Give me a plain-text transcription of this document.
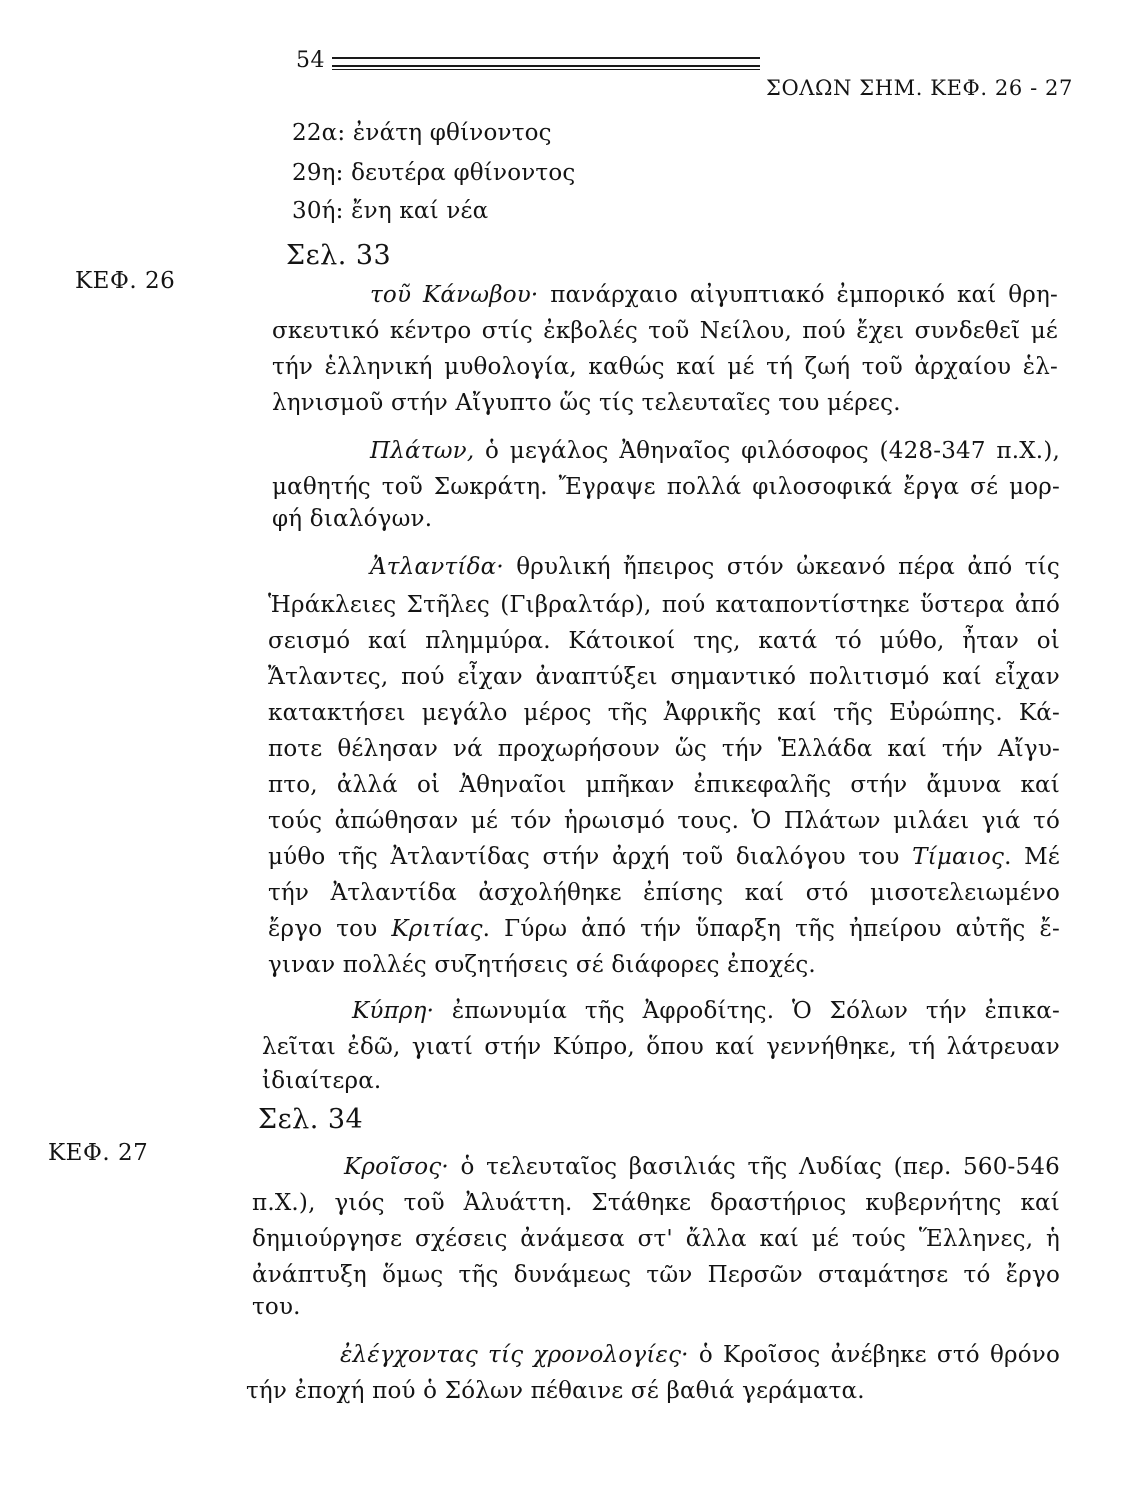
54
ΣΟΛΩΝ ΣΗΜ. ΚΕΦ. 26 - 27
ΚΕΦ. 26
ΚΕΦ. 27
22α: ἐνάτη φθίνοντος
29η: δευτέρα φθίνοντος
30ή: ἔνη καί νέα
Σελ. 33
τοῦ Κάνωβου· πανάρχαιο αἰγυπτιακό ἐμπορικό καί θρη-
σκευτικό κέντρο στίς ἐκβολές τοῦ Νείλου, πού ἔχει συνδεθεῖ μέ
τήν ἑλληνική μυθολογία, καθώς καί μέ τή ζωή τοῦ ἀρχαίου ἑλ-
ληνισμοῦ στήν Αἴγυπτο ὥς τίς τελευταῖες του μέρες.
Πλάτων, ὁ μεγάλος Ἀθηναῖος φιλόσοφος (428-347 π.Χ.),
μαθητής τοῦ Σωκράτη. Ἔγραψε πολλά φιλοσοφικά ἔργα σέ μορ-
φή διαλόγων.
Ἀτλαντίδα· θρυλική ἤπειρος στόν ὠκεανό πέρα ἀπό τίς
Ἡράκλειες Στῆλες (Γιβραλτάρ), πού καταποντίστηκε ὕστερα ἀπό
σεισμό καί πλημμύρα. Κάτοικοί της, κατά τό μύθο, ἦταν οἱ
Ἄτλαντες, πού εἶχαν ἀναπτύξει σημαντικό πολιτισμό καί εἶχαν
κατακτήσει μεγάλο μέρος τῆς Ἀφρικῆς καί τῆς Εὐρώπης. Κά-
ποτε θέλησαν νά προχωρήσουν ὥς τήν Ἑλλάδα καί τήν Αἴγυ-
πτο, ἀλλά οἱ Ἀθηναῖοι μπῆκαν ἐπικεφαλῆς στήν ἄμυνα καί
τούς ἀπώθησαν μέ τόν ἡρωισμό τους. Ὁ Πλάτων μιλάει γιά τό
μύθο τῆς Ἀτλαντίδας στήν ἀρχή τοῦ διαλόγου του Τίμαιος. Μέ
τήν Ἀτλαντίδα ἀσχολήθηκε ἐπίσης καί στό μισοτελειωμένο
ἔργο του Κριτίας. Γύρω ἀπό τήν ὕπαρξη τῆς ἠπείρου αὐτῆς ἔ-
γιναν πολλές συζητήσεις σέ διάφορες ἐποχές.
Κύπρη· ἐπωνυμία τῆς Ἀφροδίτης. Ὁ Σόλων τήν ἐπικα-
λεῖται ἐδῶ, γιατί στήν Κύπρο, ὅπου καί γεννήθηκε, τή λάτρευαν
ἰδιαίτερα.
Σελ. 34
Κροῖσος· ὁ τελευταῖος βασιλιάς τῆς Λυδίας (περ. 560-546
π.Χ.), γιός τοῦ Ἀλυάττη. Στάθηκε δραστήριος κυβερνήτης καί
δημιούργησε σχέσεις ἀνάμεσα στ' ἄλλα καί μέ τούς Ἕλληνες, ἡ
ἀνάπτυξη ὅμως τῆς δυνάμεως τῶν Περσῶν σταμάτησε τό ἔργο
του.
ἐλέγχοντας τίς χρονολογίες· ὁ Κροῖσος ἀνέβηκε στό θρόνο
τήν ἐποχή πού ὁ Σόλων πέθαινε σέ βαθιά γεράματα.
